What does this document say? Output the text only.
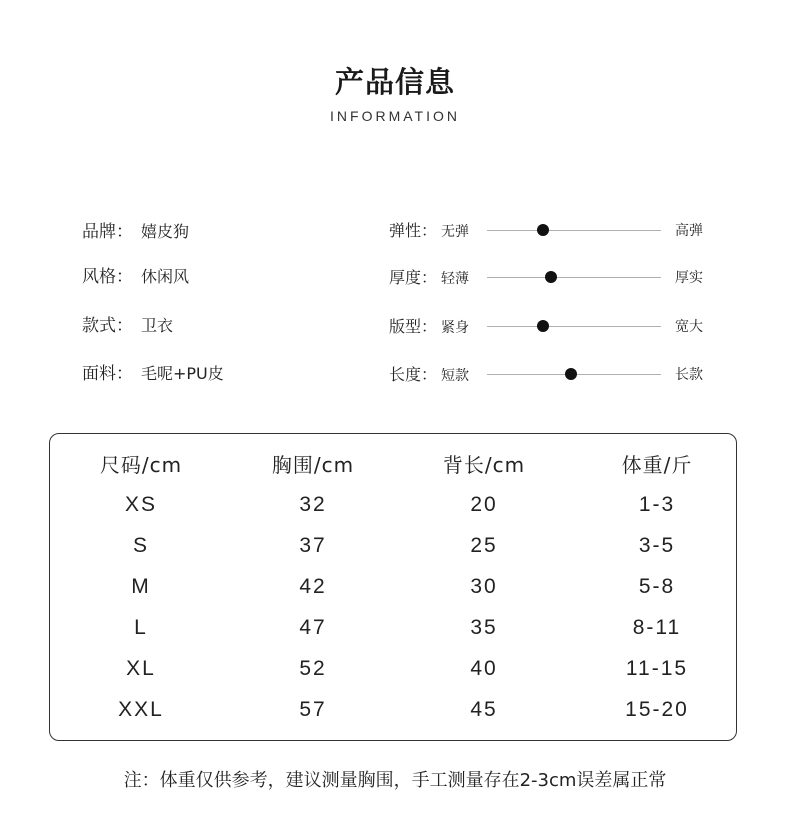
产品信息
INFORMATION
品牌： 嬉皮狗
风格： 休闲风
款式： 卫衣
面料： 毛呢+PU皮
弹性： 无弹	高弹
厚度： 轻薄	厚实
版型： 紧身	宽大
长度： 短款	长款
尺码/cm	胸围/cm	背长/cm	体重/斤
XS	32	20	1-3
S	37	25	3-5
M	42	30	5-8
L	47	35	8-11
XL	52	40	11-15
XXL	57	45	15-20
注：体重仅供参考，建议测量胸围，手工测量存在2-3cm误差属正常
